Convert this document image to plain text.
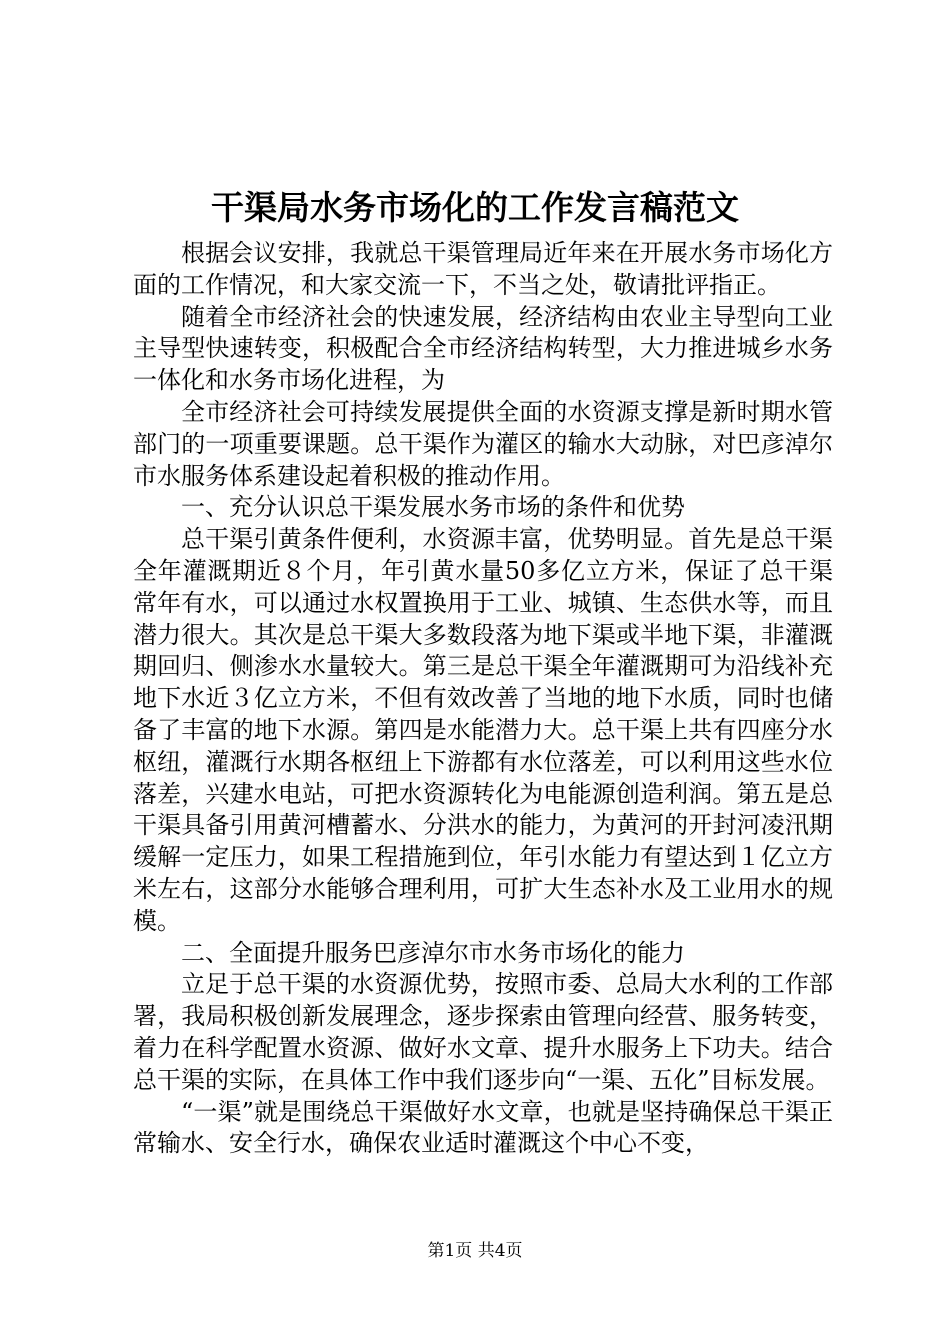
干渠局水务市场化的工作发言稿范文

根据会议安排，我就总干渠管理局近年来在开展水务市场化方面的工作情况，和大家交流一下，不当之处，敬请批评指正。

随着全市经济社会的快速发展，经济结构由农业主导型向工业主导型快速转变，积极配合全市经济结构转型，大力推进城乡水务一体化和水务市场化进程，为

全市经济社会可持续发展提供全面的水资源支撑是新时期水管部门的一项重要课题。总干渠作为灌区的输水大动脉，对巴彦淖尔市水服务体系建设起着积极的推动作用。

一、充分认识总干渠发展水务市场的条件和优势

总干渠引黄条件便利，水资源丰富，优势明显。首先是总干渠全年灌溉期近８个月，年引黄水量50多亿立方米，保证了总干渠常年有水，可以通过水权置换用于工业、城镇、生态供水等，而且潜力很大。其次是总干渠大多数段落为地下渠或半地下渠，非灌溉期回归、侧渗水水量较大。第三是总干渠全年灌溉期可为沿线补充地下水近３亿立方米，不但有效改善了当地的地下水质，同时也储备了丰富的地下水源。第四是水能潜力大。总干渠上共有四座分水枢纽，灌溉行水期各枢纽上下游都有水位落差，可以利用这些水位落差，兴建水电站，可把水资源转化为电能源创造利润。第五是总干渠具备引用黄河槽蓄水、分洪水的能力，为黄河的开封河凌汛期缓解一定压力，如果工程措施到位，年引水能力有望达到１亿立方米左右，这部分水能够合理利用，可扩大生态补水及工业用水的规模。

二、全面提升服务巴彦淖尔市水务市场化的能力

立足于总干渠的水资源优势，按照市委、总局大水利的工作部署，我局积极创新发展理念，逐步探索由管理向经营、服务转变，着力在科学配置水资源、做好水文章、提升水服务上下功夫。结合总干渠的实际，在具体工作中我们逐步向“一渠、五化”目标发展。

“一渠”就是围绕总干渠做好水文章，也就是坚持确保总干渠正常输水、安全行水，确保农业适时灌溉这个中心不变，

第1页 共4页
